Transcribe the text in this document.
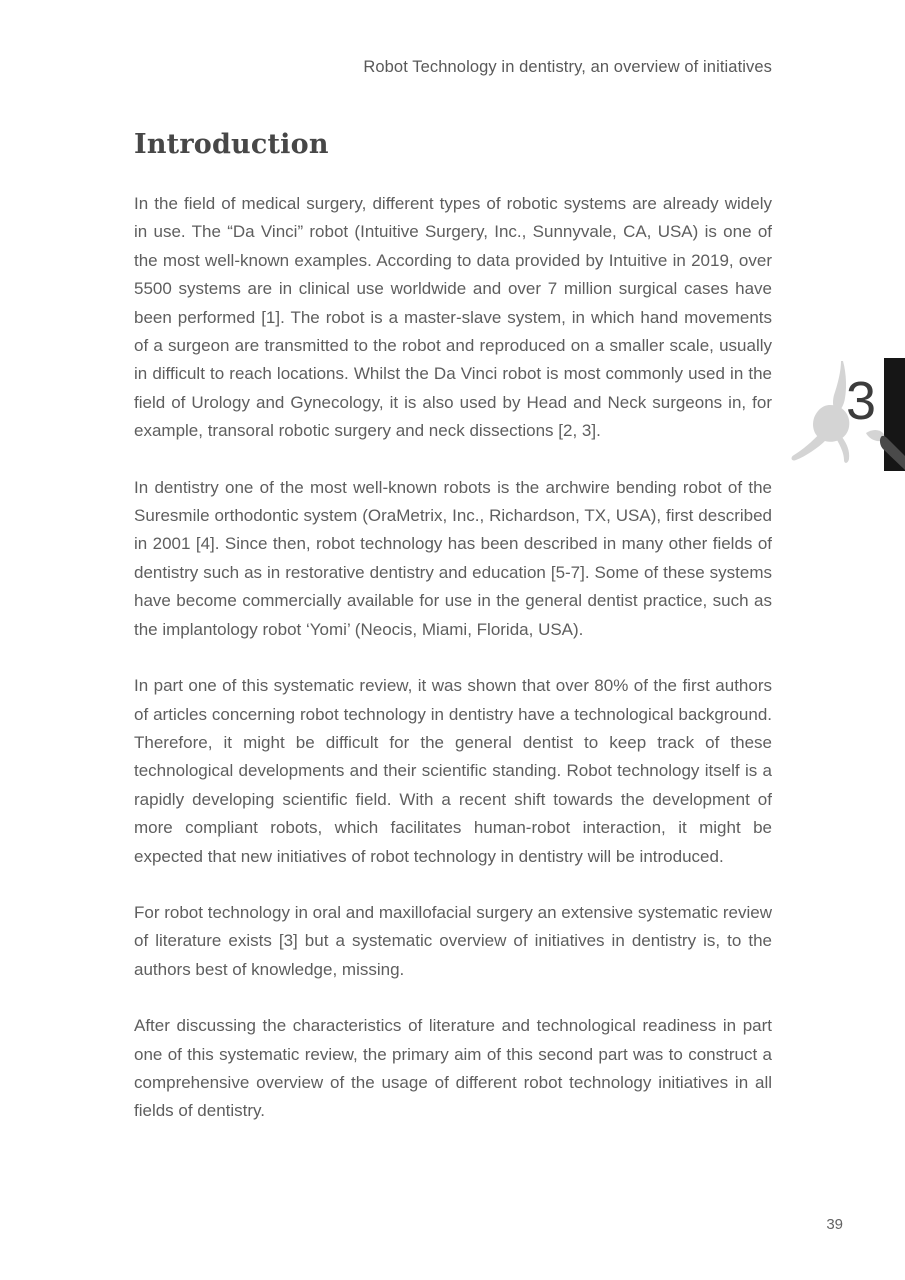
Robot Technology in dentistry, an overview of initiatives
Introduction

In the field of medical surgery, different types of robotic systems are already widely in use. The “Da Vinci” robot (Intuitive Surgery, Inc., Sunnyvale, CA, USA) is one of the most well-known examples. According to data provided by Intuitive in 2019, over 5500 systems are in clinical use worldwide and over 7 million surgical cases have been performed [1]. The robot is a master-slave system, in which hand movements of a surgeon are transmitted to the robot and reproduced on a smaller scale, usually in difficult to reach locations. Whilst the Da Vinci robot is most commonly used in the field of Urology and Gynecology, it is also used by Head and Neck surgeons in, for example, transoral robotic surgery and neck dissections [2, 3].

In dentistry one of the most well-known robots is the archwire bending robot of the Suresmile orthodontic system (OraMetrix, Inc., Richardson, TX, USA), first described in 2001 [4]. Since then, robot technology has been described in many other fields of dentistry such as in restorative dentistry and education [5-7]. Some of these systems have become commercially available for use in the general dentist practice, such as the implantology robot ‘Yomi’ (Neocis, Miami, Florida, USA).

In part one of this systematic review, it was shown that over 80% of the first authors of articles concerning robot technology in dentistry have a technological background. Therefore, it might be difficult for the general dentist to keep track of these technological developments and their scientific standing. Robot technology itself is a rapidly developing scientific field. With a recent shift towards the development of more compliant robots, which facilitates human-robot interaction, it might be expected that new initiatives of robot technology in dentistry will be introduced.

For robot technology in oral and maxillofacial surgery an extensive systematic review of literature exists [3] but a systematic overview of initiatives in dentistry is, to the authors best of knowledge, missing.

After discussing the characteristics of literature and technological readiness in part one of this systematic review, the primary aim of this second part was to construct a comprehensive overview of the usage of different robot technology initiatives in all fields of dentistry.

3
39
